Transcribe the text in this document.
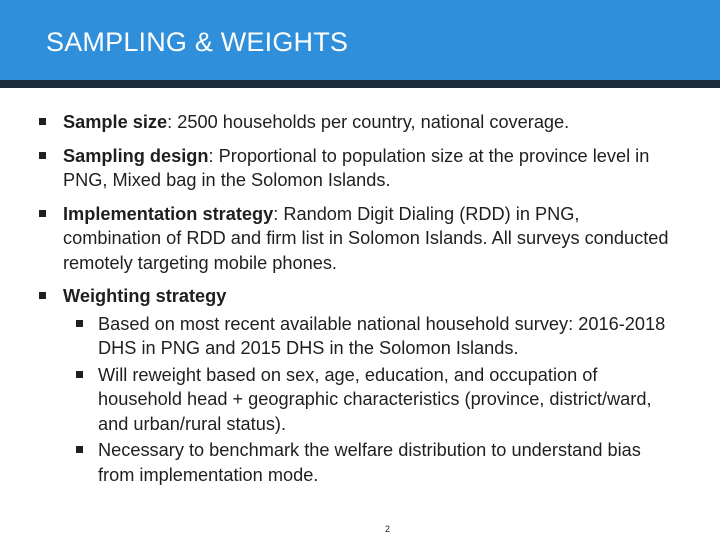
SAMPLING & WEIGHTS
Sample size: 2500 households per country, national coverage.
Sampling design: Proportional to population size at the province level in PNG, Mixed bag in the Solomon Islands.
Implementation strategy: Random Digit Dialing (RDD) in PNG, combination of RDD and firm list in Solomon Islands. All surveys conducted remotely targeting mobile phones.
Weighting strategy
Based on most recent available national household survey: 2016-2018 DHS in PNG and 2015 DHS in the Solomon Islands.
Will reweight based on sex, age, education, and occupation of household head + geographic characteristics (province, district/ward, and urban/rural status).
Necessary to benchmark the welfare distribution to understand bias from implementation mode.
2
